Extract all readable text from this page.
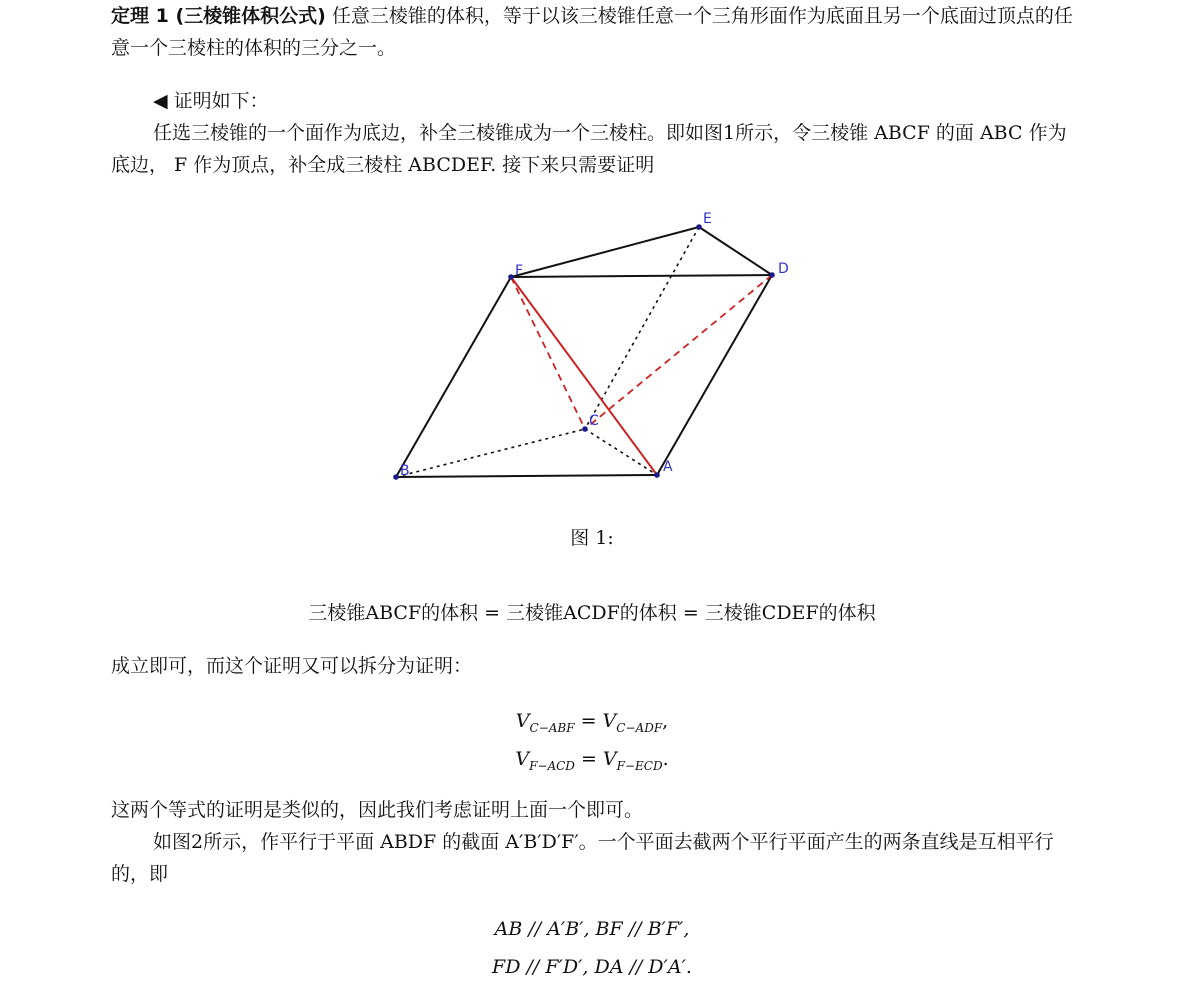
定理 1 (三棱锥体积公式) 任意三棱锥的体积，等于以该三棱锥任意一个三角形面作为底面且另一个底面过顶点的任意一个三棱柱的体积的三分之一。

◀ 证明如下：

任选三棱锥的一个面作为底边，补全三棱锥成为一个三棱柱。即如图1所示，令三棱锥 ABCF 的面 ABC 作为底边， F 作为顶点，补全成三棱柱 ABCDEF. 接下来只需要证明

A
B
C
D
E
F

图 1:

三棱锥ABCF的体积 = 三棱锥ACDF的体积 = 三棱锥CDEF的体积

成立即可，而这个证明又可以拆分为证明：

$V_{C-ABF} = V_{C-ADF}$,
$V_{F-ACD} = V_{F-ECD}$.

这两个等式的证明是类似的，因此我们考虑证明上面一个即可。

如图2所示，作平行于平面 ABDF 的截面 A′B′D′F′。一个平面去截两个平行平面产生的两条直线是互相平行的，即

AB // A′B′, BF // B′F′,
FD // F′D′, DA // D′A′.
